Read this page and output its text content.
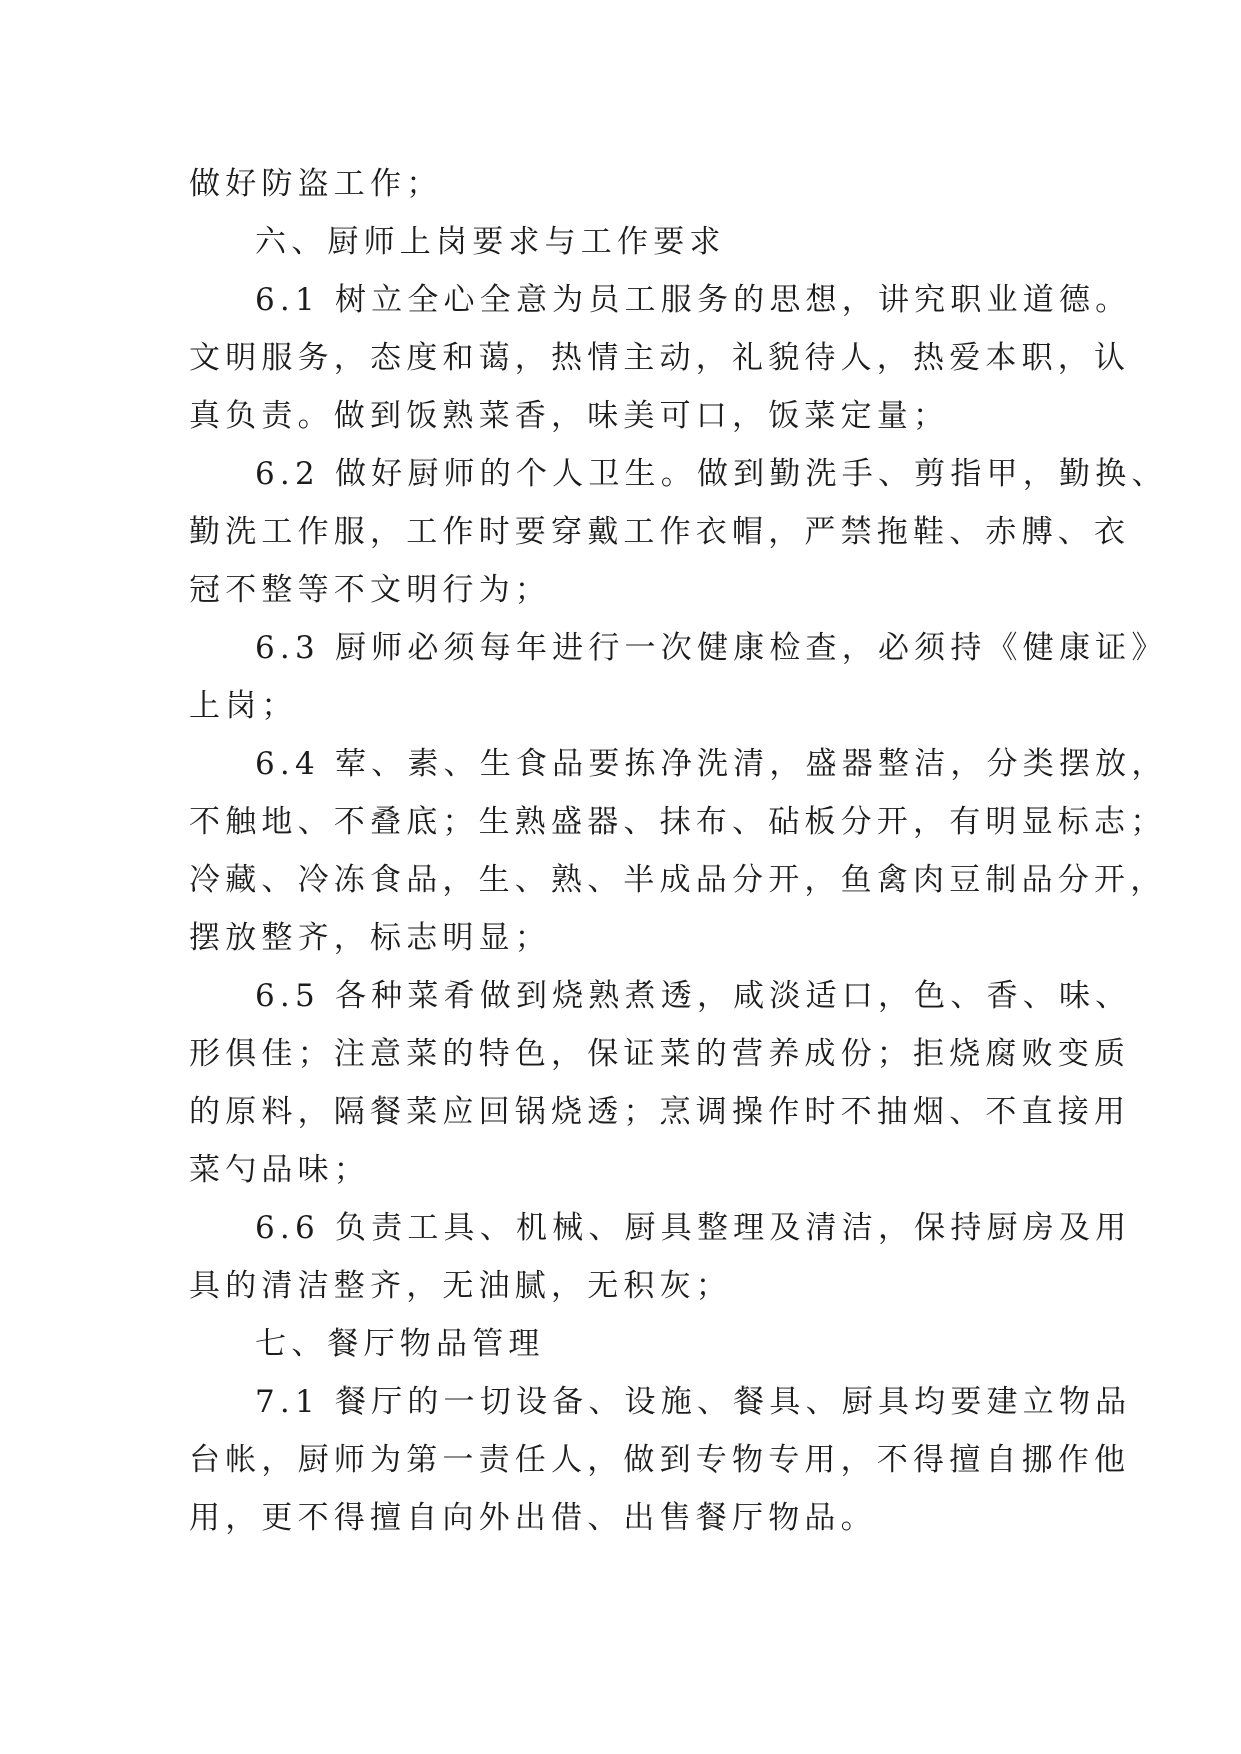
做好防盗工作；
六、厨师上岗要求与工作要求
6.1 树立全心全意为员工服务的思想，讲究职业道德。
文明服务，态度和蔼，热情主动，礼貌待人，热爱本职，认
真负责。做到饭熟菜香，味美可口，饭菜定量；
6.2 做好厨师的个人卫生。做到勤洗手、剪指甲，勤换、
勤洗工作服，工作时要穿戴工作衣帽，严禁拖鞋、赤膊、衣
冠不整等不文明行为；
6.3 厨师必须每年进行一次健康检查，必须持《健康证》
上岗；
6.4 荤、素、生食品要拣净洗清，盛器整洁，分类摆放，
不触地、不叠底；生熟盛器、抹布、砧板分开，有明显标志；
冷藏、冷冻食品，生、熟、半成品分开，鱼禽肉豆制品分开，
摆放整齐，标志明显；
6.5 各种菜肴做到烧熟煮透，咸淡适口，色、香、味、
形俱佳；注意菜的特色，保证菜的营养成份；拒烧腐败变质
的原料，隔餐菜应回锅烧透；烹调操作时不抽烟、不直接用
菜勺品味；
6.6 负责工具、机械、厨具整理及清洁，保持厨房及用
具的清洁整齐，无油腻，无积灰；
七、餐厅物品管理
7.1 餐厅的一切设备、设施、餐具、厨具均要建立物品
台帐，厨师为第一责任人，做到专物专用，不得擅自挪作他
用，更不得擅自向外出借、出售餐厅物品。
